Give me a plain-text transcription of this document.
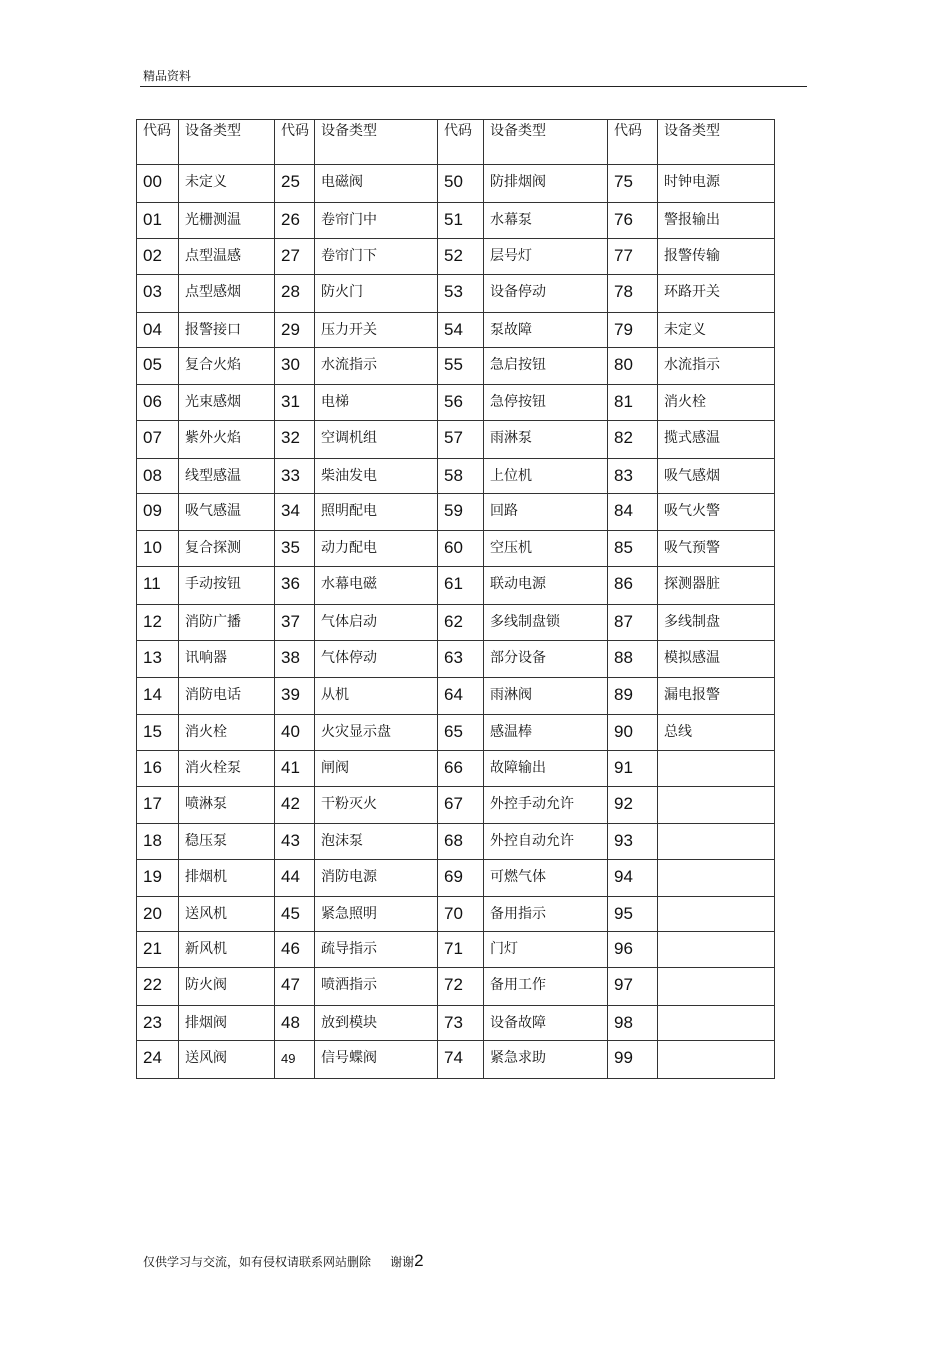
精品资料
代码	设备类型	代码	设备类型	代码	设备类型	代码	设备类型
00	未定义	25	电磁阀	50	防排烟阀	75	时钟电源
01	光栅测温	26	卷帘门中	51	水幕泵	76	警报输出
02	点型温感	27	卷帘门下	52	层号灯	77	报警传输
03	点型感烟	28	防火门	53	设备停动	78	环路开关
04	报警接口	29	压力开关	54	泵故障	79	未定义
05	复合火焰	30	水流指示	55	急启按钮	80	水流指示
06	光束感烟	31	电梯	56	急停按钮	81	消火栓
07	紫外火焰	32	空调机组	57	雨淋泵	82	揽式感温
08	线型感温	33	柴油发电	58	上位机	83	吸气感烟
09	吸气感温	34	照明配电	59	回路	84	吸气火警
10	复合探测	35	动力配电	60	空压机	85	吸气预警
11	手动按钮	36	水幕电磁	61	联动电源	86	探测器脏
12	消防广播	37	气体启动	62	多线制盘锁	87	多线制盘
13	讯响器	38	气体停动	63	部分设备	88	模拟感温
14	消防电话	39	从机	64	雨淋阀	89	漏电报警
15	消火栓	40	火灾显示盘	65	感温棒	90	总线
16	消火栓泵	41	闸阀	66	故障输出	91	
17	喷淋泵	42	干粉灭火	67	外控手动允许	92	
18	稳压泵	43	泡沫泵	68	外控自动允许	93	
19	排烟机	44	消防电源	69	可燃气体	94	
20	送风机	45	紧急照明	70	备用指示	95	
21	新风机	46	疏导指示	71	门灯	96	
22	防火阀	47	喷洒指示	72	备用工作	97	
23	排烟阀	48	放到模块	73	设备故障	98	
24	送风阀	49	信号蝶阀	74	紧急求助	99	
仅供学习与交流，如有侵权请联系网站删除 谢谢2
